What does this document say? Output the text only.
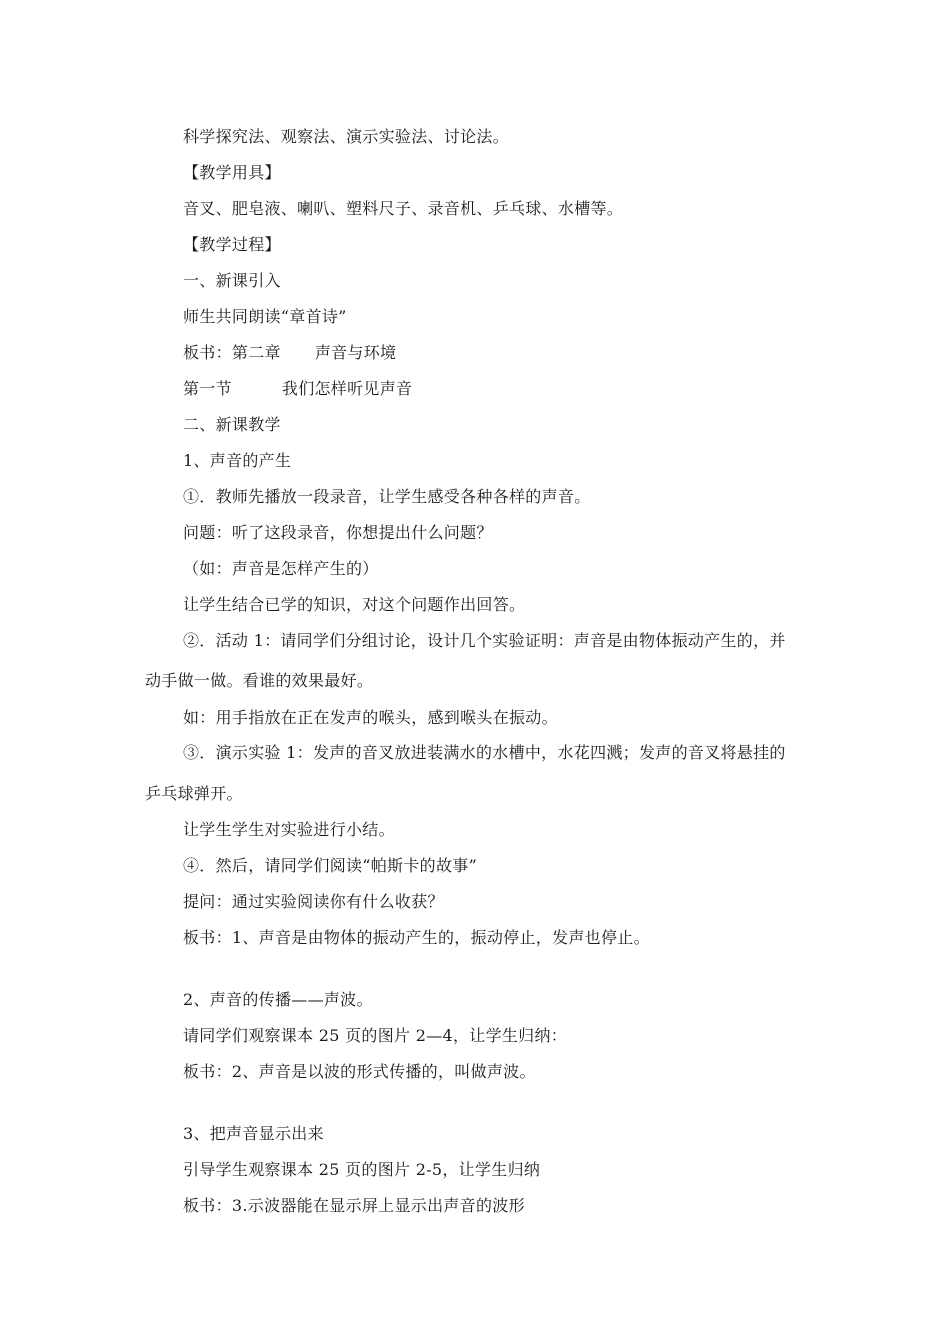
科学探究法、观察法、演示实验法、讨论法。
【教学用具】
音叉、肥皂液、喇叭、塑料尺子、录音机、乒乓球、水槽等。
【教学过程】
一、新课引入
师生共同朗读“章首诗”
板书：第二章 声音与环境
第一节	我们怎样听见声音
二、新课教学
1、声音的产生
①．教师先播放一段录音，让学生感受各种各样的声音。
问题：听了这段录音，你想提出什么问题？
（如：声音是怎样产生的）
让学生结合已学的知识，对这个问题作出回答。
②．活动 1：请同学们分组讨论，设计几个实验证明：声音是由物体振动产生的，并
动手做一做。看谁的效果最好。
如：用手指放在正在发声的喉头，感到喉头在振动。
③．演示实验 1：发声的音叉放进装满水的水槽中，水花四溅；发声的音叉将悬挂的
乒乓球弹开。
让学生学生对实验进行小结。
④．然后，请同学们阅读“帕斯卡的故事”
提问：通过实验阅读你有什么收获？
板书：1、声音是由物体的振动产生的，振动停止，发声也停止。
2、声音的传播——声波。
请同学们观察课本 25 页的图片 2—4，让学生归纳：
板书：2、声音是以波的形式传播的，叫做声波。
3、把声音显示出来
引导学生观察课本 25 页的图片 2-5，让学生归纳
板书：3.示波器能在显示屏上显示出声音的波形
